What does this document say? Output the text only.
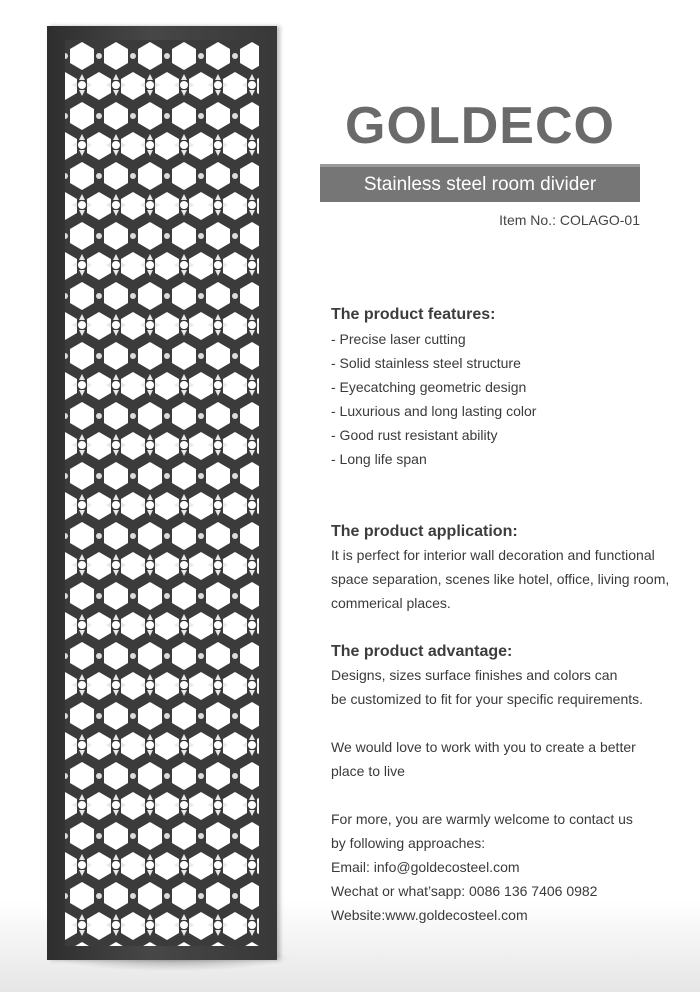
GOLDECO
Stainless steel room divider
Item No.: COLAGO-01
The product features:
- Precise laser cutting
- Solid stainless steel structure
- Eyecatching geometric design
- Luxurious and long lasting color
- Good rust resistant ability
- Long life span
The product application:
It is perfect for interior wall decoration and functional
space separation, scenes like hotel, office, living room,
commerical places.
The product advantage:
Designs, sizes surface finishes and colors can
be customized to fit for your specific requirements.
We would love to work with you to create a better
place to live
For more, you are warmly welcome to contact us
by following approaches:
Email: info@goldecosteel.com
Wechat or what’sapp: 0086 136 7406 0982
Website:www.goldecosteel.com
